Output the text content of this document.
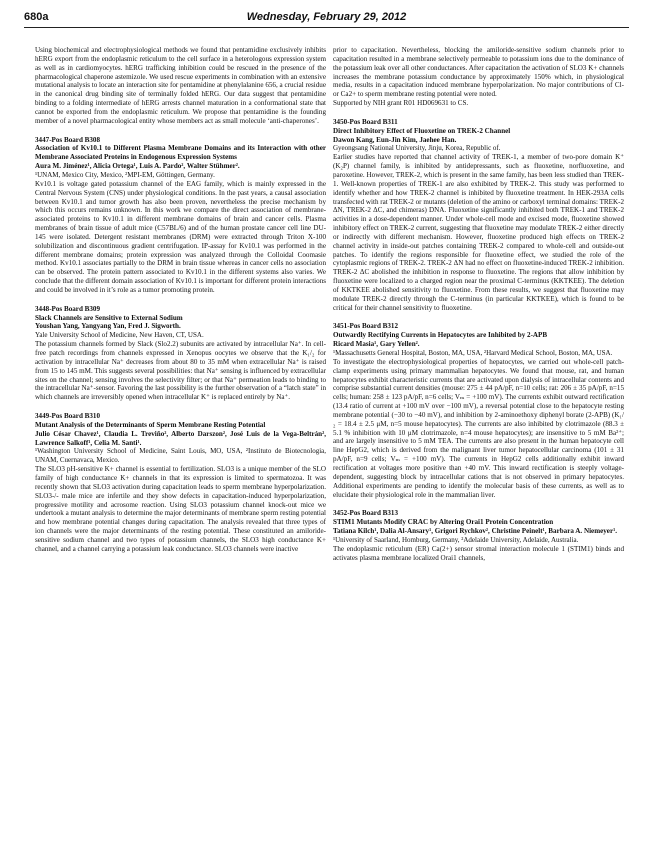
680a	Wednesday, February 29, 2012
Using biochemical and electrophysiological methods we found that pentamidine exclusively inhibits hERG export from the endoplasmic reticulum to the cell surface in a heterologous expression system as well as in cardiomyocytes. hERG trafficking inhibition could be rescued in the presence of the pharmacological chaperone astemizole. We used rescue experiments in combination with an extensive mutational analysis to locate an interaction site for pentamidine at phenylalanine 656, a crucial residue in the canonical drug binding site of terminally folded hERG. Our data suggest that pentamidine binding to a folding intermediate of hERG arrests channel maturation in a conformational state that cannot be exported from the endoplasmic reticulum. We propose that pentamidine is the founding member of a novel pharmacological entity whose members act as small molecule ‘anti-chaperones’.
3447-Pos Board B308
Association of Kv10.1 to Different Plasma Membrane Domains and its Interaction with other Membrane Associated Proteins in Endogenous Expression Systems
Aura M. Jiménez¹, Alicia Ortega¹, Luis A. Pardo², Walter Stühmer².
¹UNAM, Mexico City, Mexico, ²MPI-EM, Göttingen, Germany.
Kv10.1 is voltage gated potassium channel of the EAG family, which is mainly expressed in the Central Nervous System (CNS) under physiological conditions. In the past years, a causal association between Kv10.1 and tumor growth has also been proven, nevertheless the precise mechanism by which this occurs remains unknown. In this work we compare the direct association of membrane-associated proteins to Kv10.1 in different membrane domains of brain and cancer cells. Plasma membranes of brain tissue of adult mice (C57BL/6) and of the human prostate cancer cell line DU-145 were isolated. Detergent resistant membranes (DRM) were extracted through Triton X-100 solubilization and discontinuous gradient centrifugation. IP-assay for Kv10.1 was performed in the different membrane domains; protein expression was analyzed through the Colloidal Coomasie method. Kv10.1 associates partially to the DRM in brain tissue whereas in cancer cells no association can be observed. The protein pattern associated to Kv10.1 in the different systems also varies. We conclude that the different domain association of Kv10.1 is important for different protein interactions and could be involved in it’s role as a tumor promoting protein.
3448-Pos Board B309
Slack Channels are Sensitive to External Sodium
Youshan Yang, Yangyang Yan, Fred J. Sigworth.
Yale University School of Medicine, New Haven, CT, USA.
The potassium channels formed by Slack (Slo2.2) subunits are activated by intracellular Na⁺. In cell-free patch recordings from channels expressed in Xenopus oocytes we observe that the K₁/₂ for activation by intracellular Na⁺ decreases from about 80 to 35 mM when extracellular Na⁺ is raised from 15 to 145 mM. This suggests several possibilities: that Na⁺ sensing is influenced by extracellular sites on the channel; sensing involves the selectivity filter; or that Na⁺ permeation leads to binding to the intracellular Na⁺-sensor. Favoring the last possibility is the further observation of a “latch state” in which channels are irreversibly opened when intracellular K⁺ is replaced entirely by Na⁺.
3449-Pos Board B310
Mutant Analysis of the Determinants of Sperm Membrane Resting Potential
Julio César Chavez¹, Claudia L. Treviño², Alberto Darszon², José Luis de la Vega-Beltrán², Lawrence Salkoff¹, Celia M. Santi¹.
¹Washington University School of Medicine, Saint Louis, MO, USA, ²Instituto de Biotecnologia, UNAM, Cuernavaca, Mexico.
The SLO3 pH-sensitive K+ channel is essential to fertilization. SLO3 is a unique member of the SLO family of high conductance K+ channels in that its expression is limited to spermatozoa. It was recently shown that SLO3 activation during capacitation leads to sperm membrane hyperpolarization. SLO3-/- male mice are infertile and they show defects in capacitation-induced hyperpolarization, progressive motility and acrosome reaction. Using SLO3 potassium channel knock-out mice we undertook a mutant analysis to determine the major determinants of membrane sperm resting potential and how membrane potential changes during capacitation. The analysis revealed that three types of ion channels were the major determinants of the resting potential. These constituted an amiloride-sensitive sodium channel and two types of potassium channels, the SLO3 high conductance K+ channel, and a channel carrying a potassium leak conductance. SLO3 channels were inactive
prior to capacitation. Nevertheless, blocking the amiloride-sensitive sodium channels prior to capacitation resulted in a membrane selectively permeable to potassium ions due to the dominance of the potassium leak over all other conductances. After capacitation the activation of SLO3 K+ channels increases the membrane potassium conductance by approximately 150% which, in physiological media, results in a capacitation induced membrane hyperpolarization. No major contributions of Cl- or Ca2+ to sperm membrane resting potential were noted.
Supported by NIH grant R01 HD069631 to CS.
3450-Pos Board B311
Direct Inhibitory Effect of Fluoxetine on TREK-2 Channel
Dawon Kang, Eun-Jin Kim, Jaehee Han.
Gyeongsang National University, Jinju, Korea, Republic of.
Earlier studies have reported that channel activity of TREK-1, a member of two-pore domain K⁺ (K₂P) channel family, is inhibited by antidepressants, such as fluoxetine, norfluoxetine, and paroxetine. However, TREK-2, which is present in the same family, has been less studied than TREK-1. Well-known properties of TREK-1 are also exhibited by TREK-2. This study was performed to identify whether and how TREK-2 channel is inhibited by fluoxetine treatment. In HEK-293A cells transfected with rat TREK-2 or mutants (deletion of the amino or carboxyl terminal domains: TREK-2 ΔN, TREK-2 ΔC, and chimeras) DNA. Fluoxetine significantly inhibited both TREK-1 and TREK-2 activities in a dose-dependent manner. Under whole-cell mode and excised mode, fluoxetine showed inhibitory effect on TREK-2 current, suggesting that fluoxetine may modulate TREK-2 either directly or indirectly with different mechanism. However, fluoxetine produced high effects on TREK-2 channel activity in inside-out patches containing TREK-2 compared to whole-cell and outside-out patches. To identify the regions responsible for fluoxetine effect, we studied the role of the cytoplasmic regions of TREK-2. TREK-2 ΔN had no effect on fluoxetine-induced TREK-2 inhibition. TREK-2 ΔC abolished the inhibition in response to fluoxetine. The regions that allow inhibition by fluoxetine were localized to a charged region near the proximal C-terminus (KKTKEE). The deletion of KKTKEE abolished sensitivity to fluoxetine. From these results, we suggest that fluoxetine may modulate TREK-2 directly through the C-terminus (in particular KKTKEE), which is found to be critical for their channel sensitivity to fluoxetine.
3451-Pos Board B312
Outwardly Rectifying Currents in Hepatocytes are Inhibited by 2-APB
Ricard Masia¹, Gary Yellen².
¹Massachusetts General Hospital, Boston, MA, USA, ²Harvard Medical School, Boston, MA, USA.
To investigate the electrophysiological properties of hepatocytes, we carried out whole-cell patch-clamp experiments using primary mammalian hepatocytes. We found that mouse, rat, and human hepatocytes exhibit characteristic currents that are activated upon dialysis of intracellular contents and comprise substantial current densities (mouse: 275 ± 44 pA/pF, n=10 cells; rat: 206 ± 35 pA/pF, n=15 cells; human: 258 ± 123 pA/pF, n=6 cells; Vₘ = +100 mV). The currents exhibit outward rectification (13.4 ratio of current at +100 mV over −100 mV), a reversal potential close to the hepatocyte resting membrane potential (−30 to −40 mV), and inhibition by 2-aminoethoxy diphenyl borate (2-APB) (K₁/₂ = 18.4 ± 2.5 μM, n=5 mouse hepatocytes). The currents are also inhibited by clotrimazole (88.3 ± 5.1 % inhibition with 10 μM clotrimazole, n=4 mouse hepatocytes); are insensitive to 5 mM Ba²⁺; and are largely insensitive to 5 mM TEA. The currents are also present in the human hepatocyte cell line HepG2, which is derived from the malignant liver tumor hepatocellular carcinoma (101 ± 31 pA/pF, n=9 cells; Vₘ = +100 mV). The currents in HepG2 cells additionally exhibit inward rectification at voltages more positive than +40 mV. This inward rectification is steeply voltage-dependent, suggesting block by intracellular cations that is not observed in primary hepatocytes. Additional experiments are pending to identify the molecular basis of these currents, as well as to elucidate their physiological role in the mammalian liver.
3452-Pos Board B313
STIM1 Mutants Modify CRAC by Altering Orai1 Protein Concentration
Tatiana Kilch¹, Dalia Al-Ansary¹, Grigori Rychkov², Christine Peinelt¹, Barbara A. Niemeyer¹.
¹University of Saarland, Homburg, Germany, ²Adelaide University, Adelaide, Australia.
The endoplasmic reticulum (ER) Ca(2+) sensor stromal interaction molecule 1 (STIM1) binds and activates plasma membrane localized Orai1 channels,
